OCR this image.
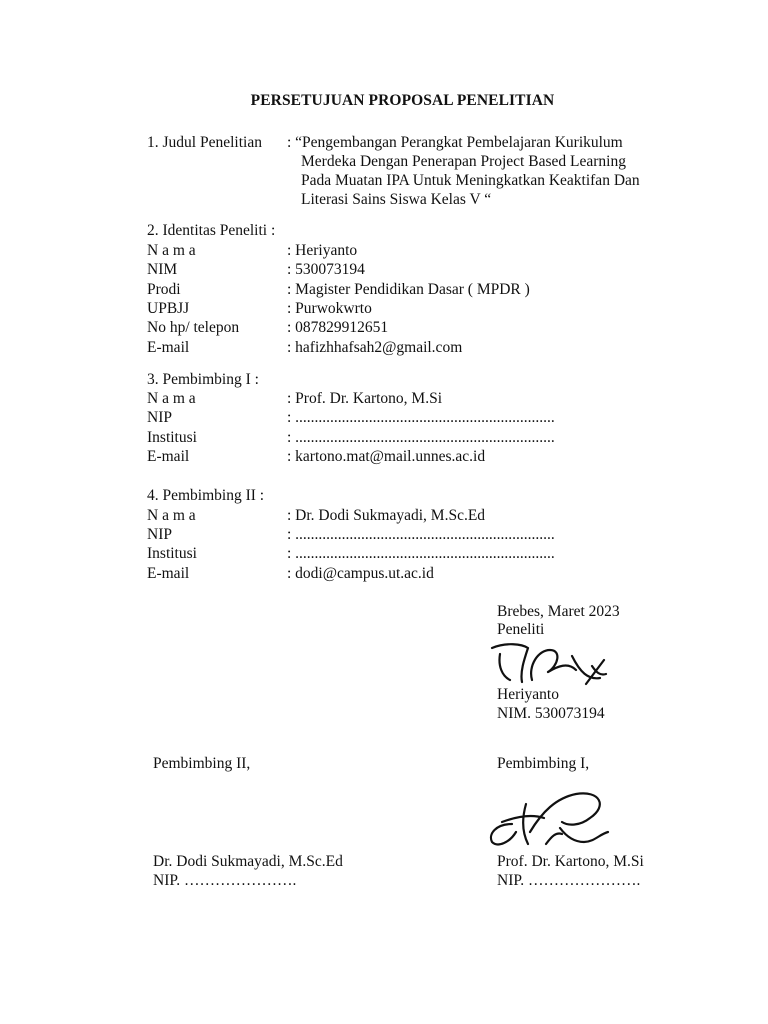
PERSETUJUAN PROPOSAL PENELITIAN
1. Judul Penelitian : “Pengembangan Perangkat Pembelajaran Kurikulum
Merdeka Dengan Penerapan Project Based Learning
Pada Muatan IPA Untuk Meningkatkan Keaktifan Dan
Literasi Sains Siswa Kelas V “
2. Identitas Peneliti :
N a m a	: Heriyanto
NIM	: 530073194
Prodi	: Magister Pendidikan Dasar ( MPDR )
UPBJJ	: Purwokwrto
No hp/ telepon	: 087829912651
E-mail	: hafizhhafsah2@gmail.com
3. Pembimbing I :
N a m a	: Prof. Dr. Kartono, M.Si
NIP	: ...................................................................
Institusi	: ...................................................................
E-mail	: kartono.mat@mail.unnes.ac.id
4. Pembimbing II :
N a m a	: Dr. Dodi Sukmayadi, M.Sc.Ed
NIP	: ...................................................................
Institusi	: ...................................................................
E-mail	: dodi@campus.ut.ac.id
Brebes, Maret 2023
Peneliti
Heriyanto
NIM. 530073194
Pembimbing II,
Dr. Dodi Sukmayadi, M.Sc.Ed
NIP. ………………….
Pembimbing I,
Prof. Dr. Kartono, M.Si
NIP. ………………….
